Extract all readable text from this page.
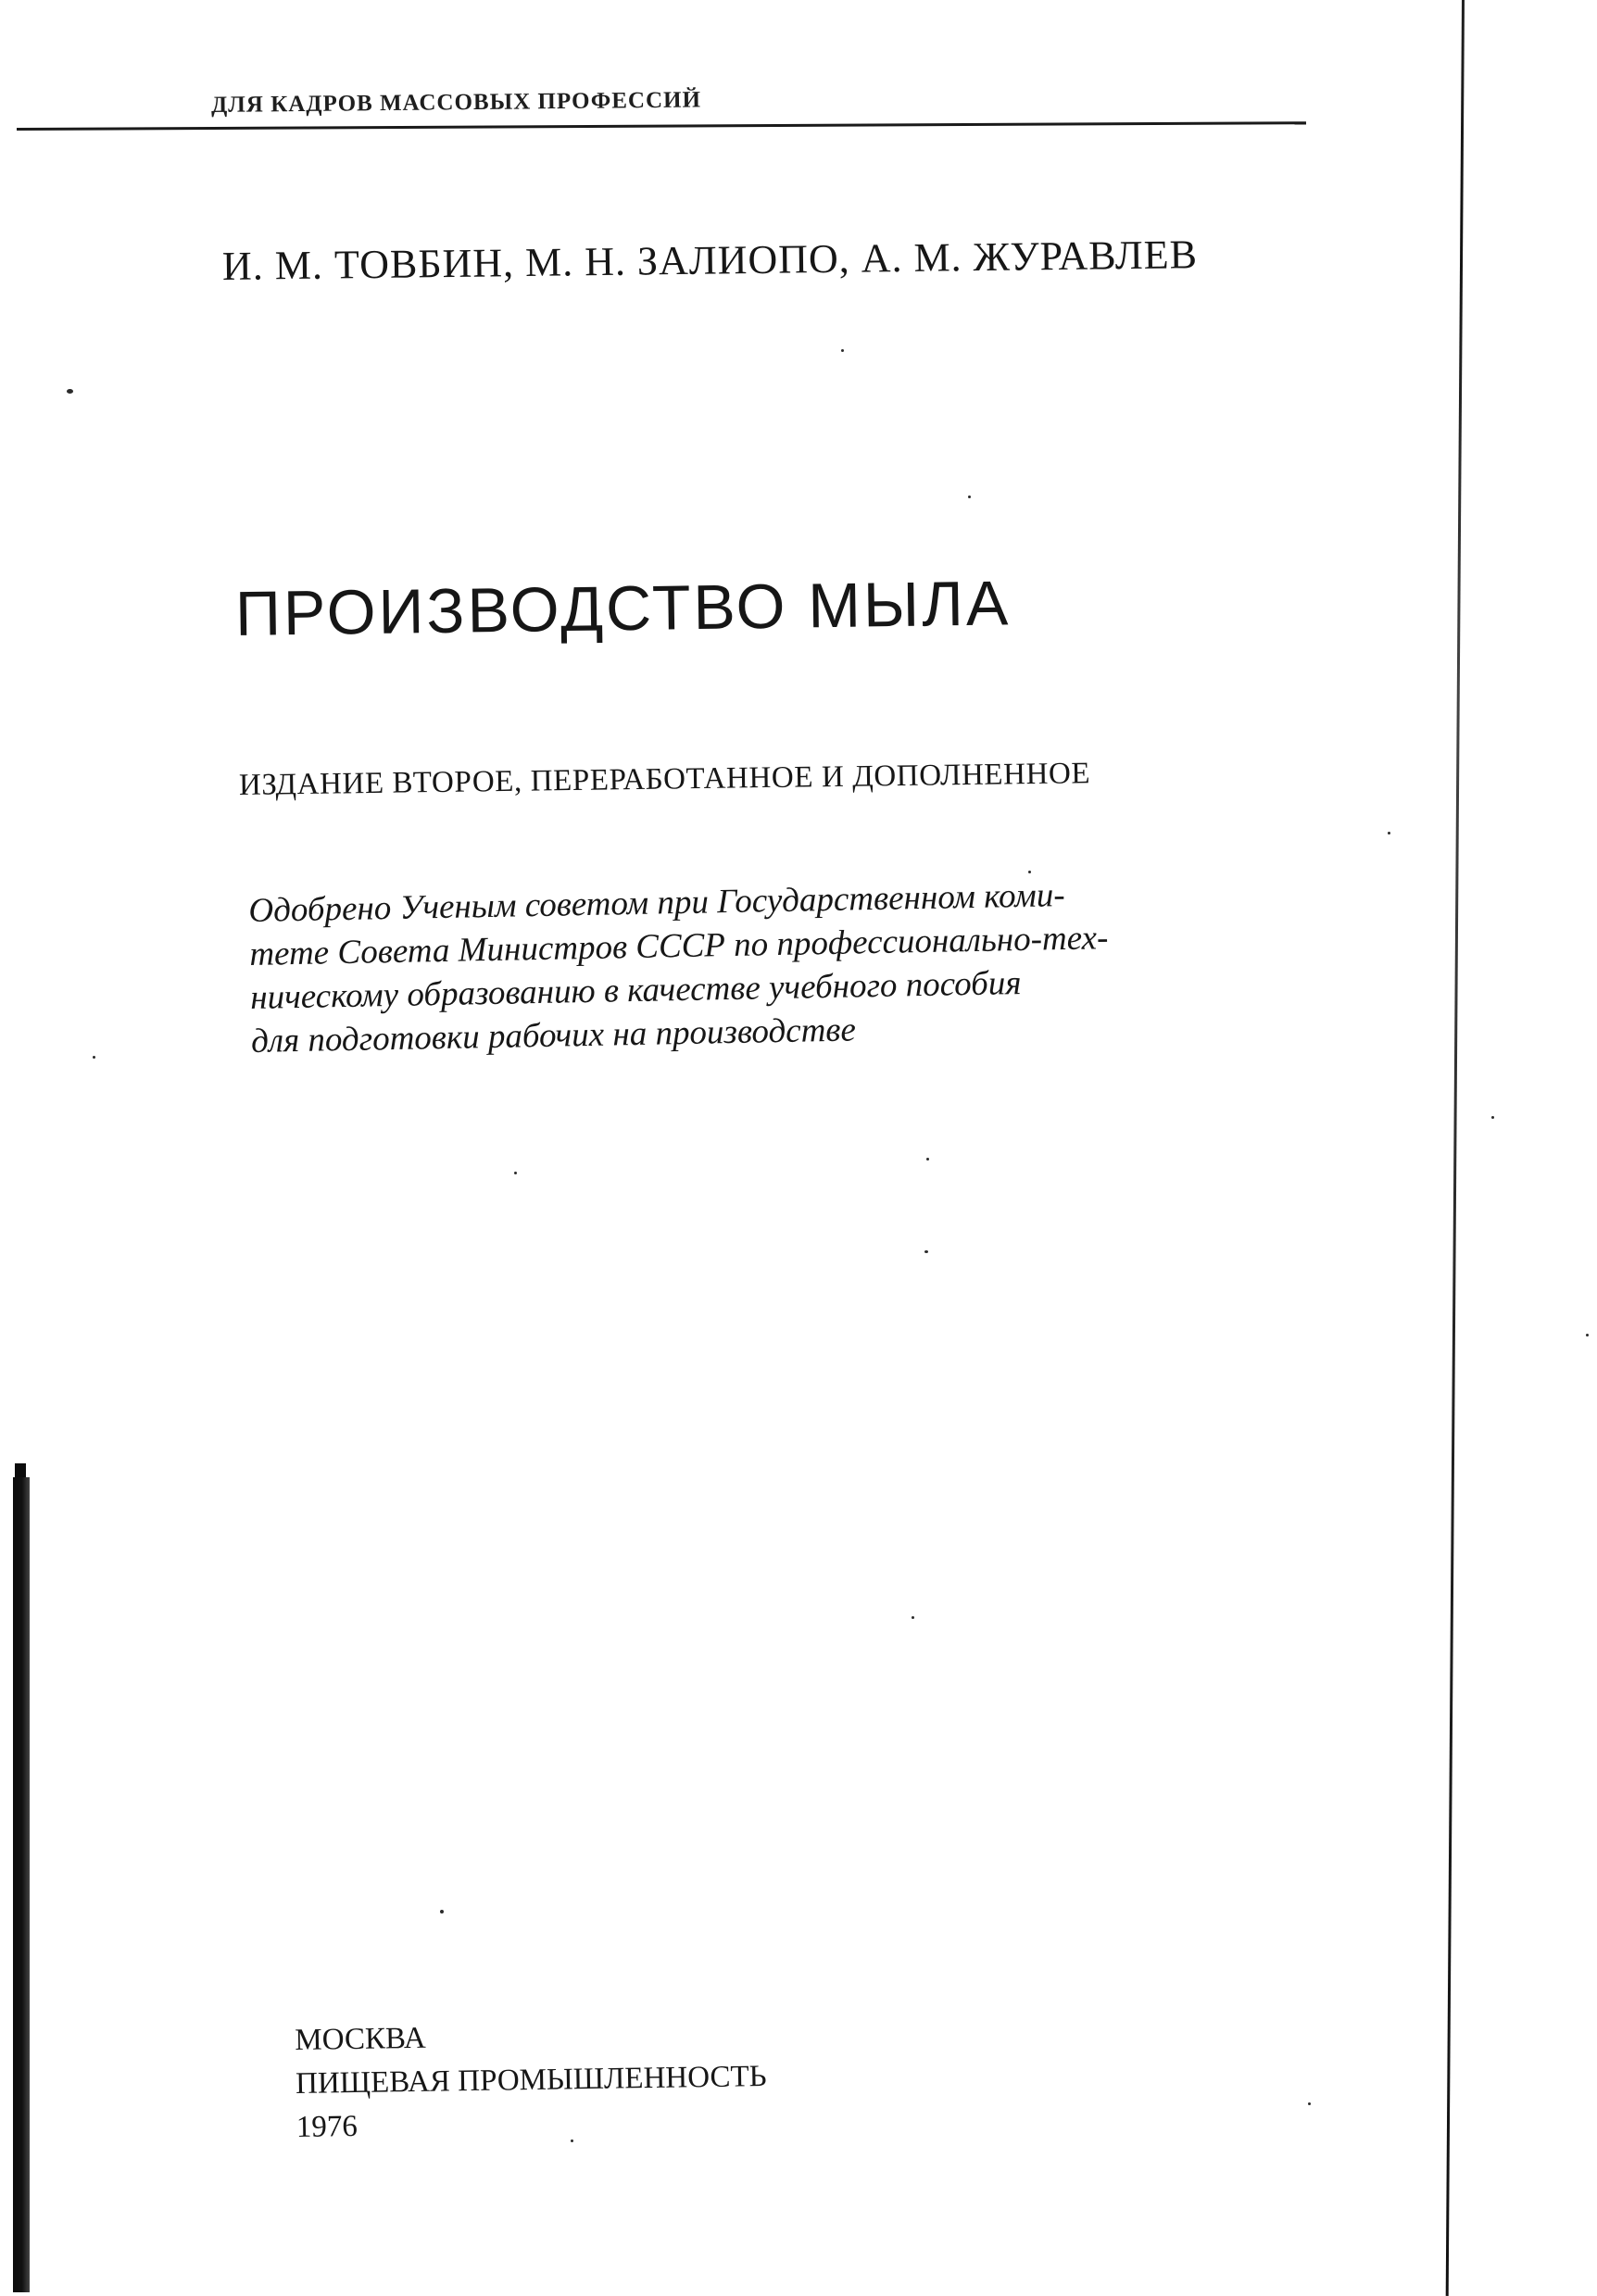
ДЛЯ КАДРОВ МАССОВЫХ ПРОФЕССИЙ
И. М. ТОВБИН, М. Н. ЗАЛИОПО, А. М. ЖУРАВЛЕВ
ПРОИЗВОДСТВО МЫЛА
ИЗДАНИЕ ВТОРОЕ, ПЕРЕРАБОТАННОЕ И ДОПОЛНЕННОЕ
Одобрено Ученым советом при Государственном коми-
тете Совета Министров СССР по профессионально-тех-
ническому образованию в качестве учебного пособия
для подготовки рабочих на производстве
МОСКВА
ПИЩЕВАЯ ПРОМЫШЛЕННОСТЬ
1976
